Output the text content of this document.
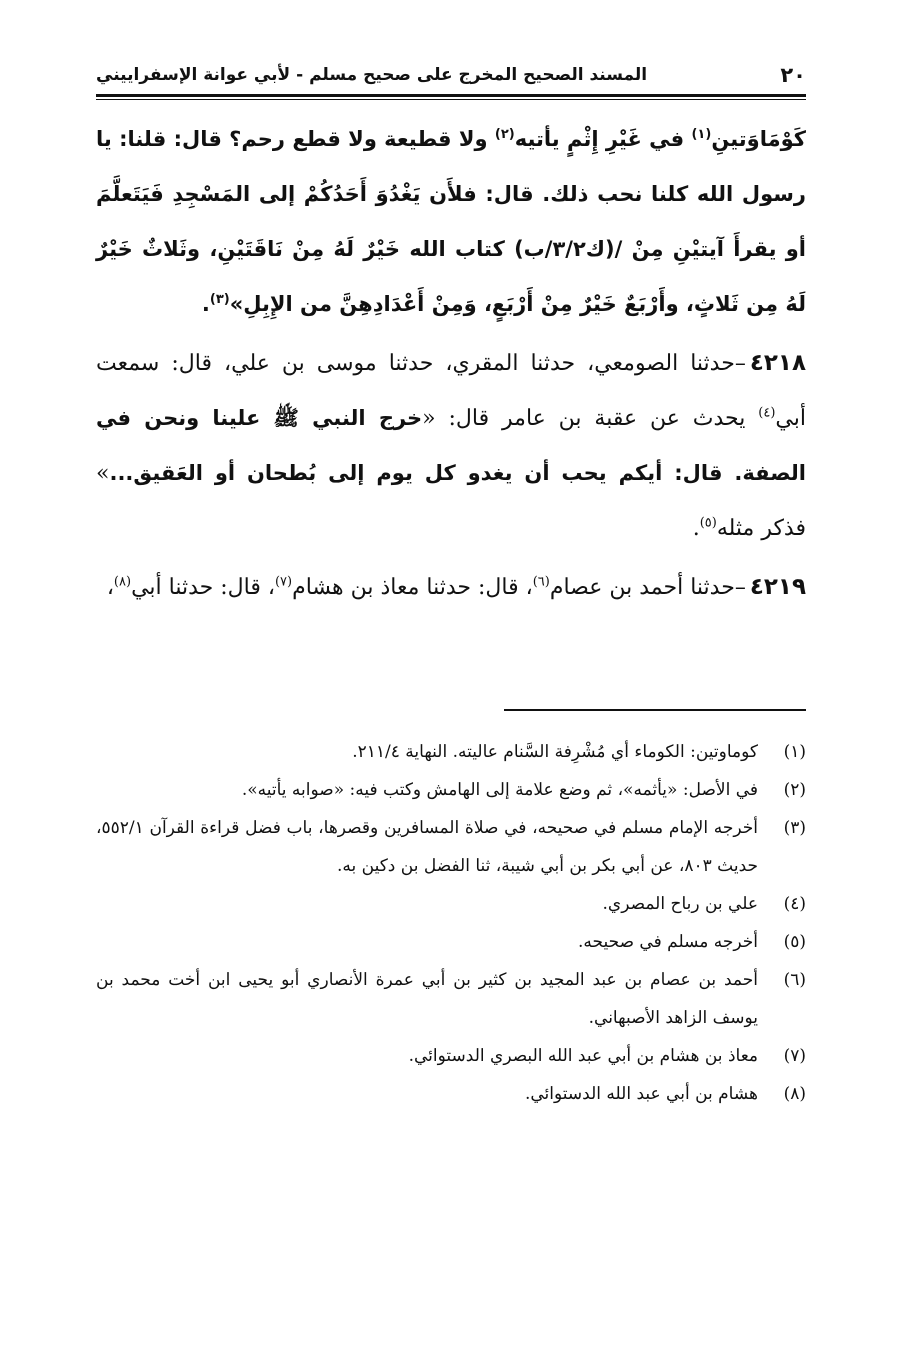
٢٠
المسند الصحيح المخرج على صحيح مسلم - لأبي عوانة الإسفراييني

كَوْمَاوَتينِ$^{(١)}$ في غَيْرِ إِثْمٍ يأتيه$^{(٢)}$ ولا قطيعة ولا قطع رحم؟ قال: قلنا: يا رسول الله كلنا نحب ذلك. قال: فلأَن يَغْدُوَ أَحَدُكُمْ إلى المَسْجِدِ فَيَتَعلَّمَ أو يقرأَ آيتيْنِ مِنْ /(ك٣/٢/ب) كتاب الله خَيْرٌ لَهُ مِنْ نَاقَتَيْنِ، وثَلاثٌ خَيْرٌ لَهُ مِن ثَلاثٍ، وأَرْبَعٌ خَيْرٌ مِنْ أَرْبَعٍ، وَمِنْ أَعْدَادِهِنَّ من الإِبِلِ»$^{(٣)}$.

٤٢١٨–حدثنا الصومعي، حدثنا المقري، حدثنا موسى بن علي، قال: سمعت أبي$^{(٤)}$ يحدث عن عقبة بن عامر قال: «خرج النبي ﷺ علينا ونحن في الصفة. قال: أيكم يحب أن يغدو كل يوم إلى بُطحان أو العَقيق...» فذكر مثله$^{(٥)}$.

٤٢١٩–حدثنا أحمد بن عصام$^{(٦)}$، قال: حدثنا معاذ بن هشام$^{(٧)}$، قال: حدثنا أبي$^{(٨)}$،

(١)
كوماوتين: الكوماء أي مُشْرِفة السَّنام عاليته. النهاية ٢١١/٤.

(٢)
في الأصل: «يأثمه»، ثم وضع علامة إلى الهامش وكتب فيه: «صوابه يأتيه».

(٣)
أخرجه الإمام مسلم في صحيحه، في صلاة المسافرين وقصرها، باب فضل قراءة القرآن ٥٥٢/١، حديث ٨٠٣، عن أبي بكر بن أبي شيبة، ثنا الفضل بن دكين به.

(٤)
علي بن رباح المصري.

(٥)
أخرجه مسلم في صحيحه.

(٦)
أحمد بن عصام بن عبد المجيد بن كثير بن أبي عمرة الأنصاري أبو يحيى ابن أخت محمد بن يوسف الزاهد الأصبهاني.

(٧)
معاذ بن هشام بن أبي عبد الله البصري الدستوائي.

(٨)
هشام بن أبي عبد الله الدستوائي.
